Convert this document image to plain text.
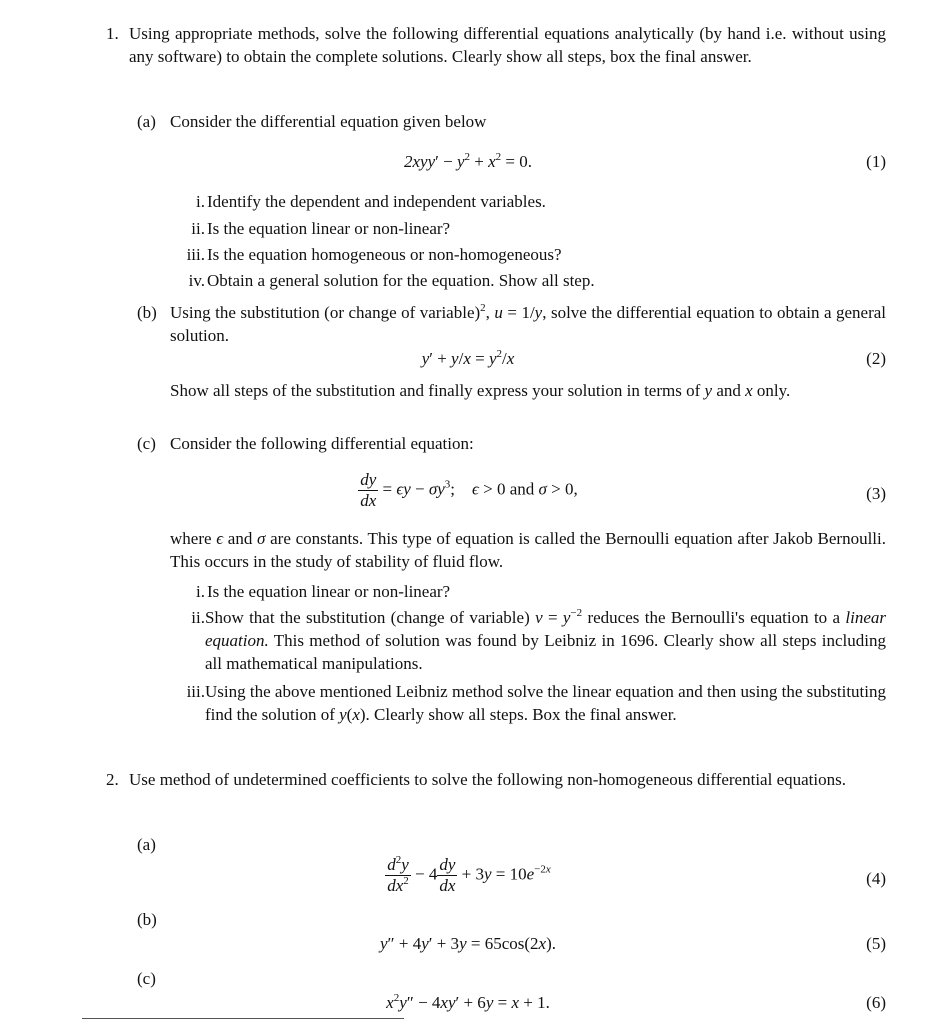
1. Using appropriate methods, solve the following differential equations analytically (by hand i.e. without using any software) to obtain the complete solutions. Clearly show all steps, box the final answer.
(a) Consider the differential equation given below
$2xyy' - y^2 + x^2 = 0$.	(1)
i. Identify the dependent and independent variables.
ii. Is the equation linear or non-linear?
iii. Is the equation homogeneous or non-homogeneous?
iv. Obtain a general solution for the equation. Show all step.
(b) Using the substitution (or change of variable)$^2$, u = 1/y, solve the differential equation to obtain a general solution.
$y' + y/x = y^2/x$	(2)
Show all steps of the substitution and finally express your solution in terms of y and x only.
(c) Consider the following differential equation:
$\frac{dy}{dx} = \epsilon y - \sigma y^3$;    ϵ > 0 and σ > 0,	(3)
where ϵ and σ are constants. This type of equation is called the Bernoulli equation after Jakob Bernoulli. This occurs in the study of stability of fluid flow.
i. Is the equation linear or non-linear?
ii. Show that the substitution (change of variable) $v = y^{-2}$ reduces the Bernoulli's equation to a linear equation. This method of solution was found by Leibniz in 1696. Clearly show all steps including all mathematical manipulations.
iii. Using the above mentioned Leibniz method solve the linear equation and then using the substituting find the solution of y(x). Clearly show all steps. Box the final answer.
2. Use method of undetermined coefficients to solve the following non-homogeneous differential equations.
(a)
$\frac{d^2y}{dx^2} - 4 \frac{dy}{dx} + 3y = 10e^{-2x}$	(4)
(b)
y″ + 4y′ + 3y = 65cos(2x).	(5)
(c)
$x^2y'' - 4xy' + 6y = x + 1$.	(6)
